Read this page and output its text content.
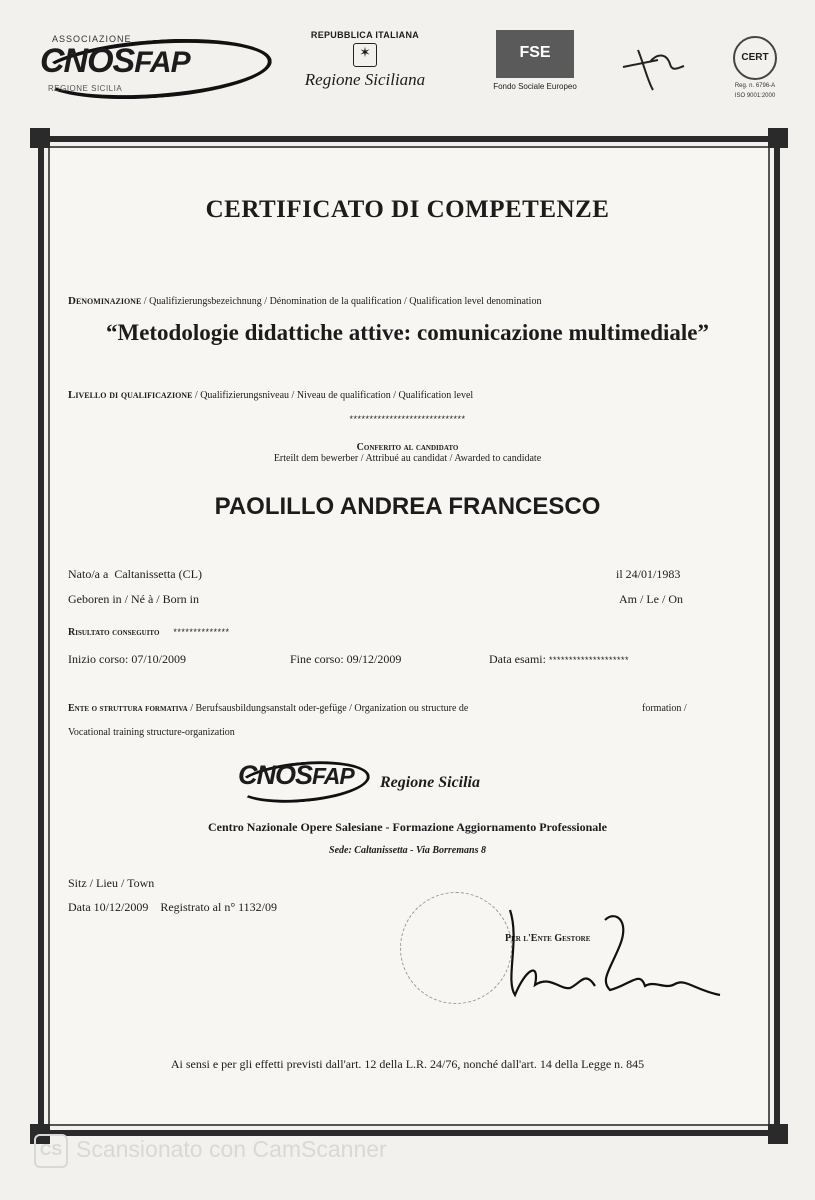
ASSOCIAZIONE
CNOSFAP
REGIONE SICILIA
REPUBBLICA ITALIANA
✶
Regione Siciliana
FSE
Fondo Sociale Europeo
CERT
Reg. n. 6796-A
ISO 9001:2000
CERTIFICATO DI COMPETENZE
Denominazione / Qualifizierungsbezeichnung / Dénomination de la qualification / Qualification level denomination
“Metodologie didattiche attive: comunicazione multimediale”
Livello di qualificazione / Qualifizierungsniveau / Niveau de qualification / Qualification level
*****************************
Conferito al candidato
Erteilt dem bewerber / Attribué au candidat / Awarded to candidate
PAOLILLO ANDREA FRANCESCO
Nato/a a Caltanissetta (CL)	il 24/01/1983
Geboren in / Né à / Born in	Am / Le / On
Risultato conseguito **************
Inizio corso: 07/10/2009	Fine corso: 09/12/2009	Data esami: ********************
Ente o struttura formativa / Berufsausbildungsanstalt oder-gefüge / Organization ou structure de	formation /
Vocational training structure-organization
CNOSFAP Regione Sicilia
Centro Nazionale Opere Salesiane - Formazione Aggiornamento Professionale
Sede: Caltanissetta - Via Borremans 8
Sitz / Lieu / Town
Data 10/12/2009 Registrato al n° 1132/09
Per l'Ente Gestore
Ai sensi e per gli effetti previsti dall'art. 12 della L.R. 24/76, nonché dall'art. 14 della Legge n. 845
CS Scansionato con CamScanner
